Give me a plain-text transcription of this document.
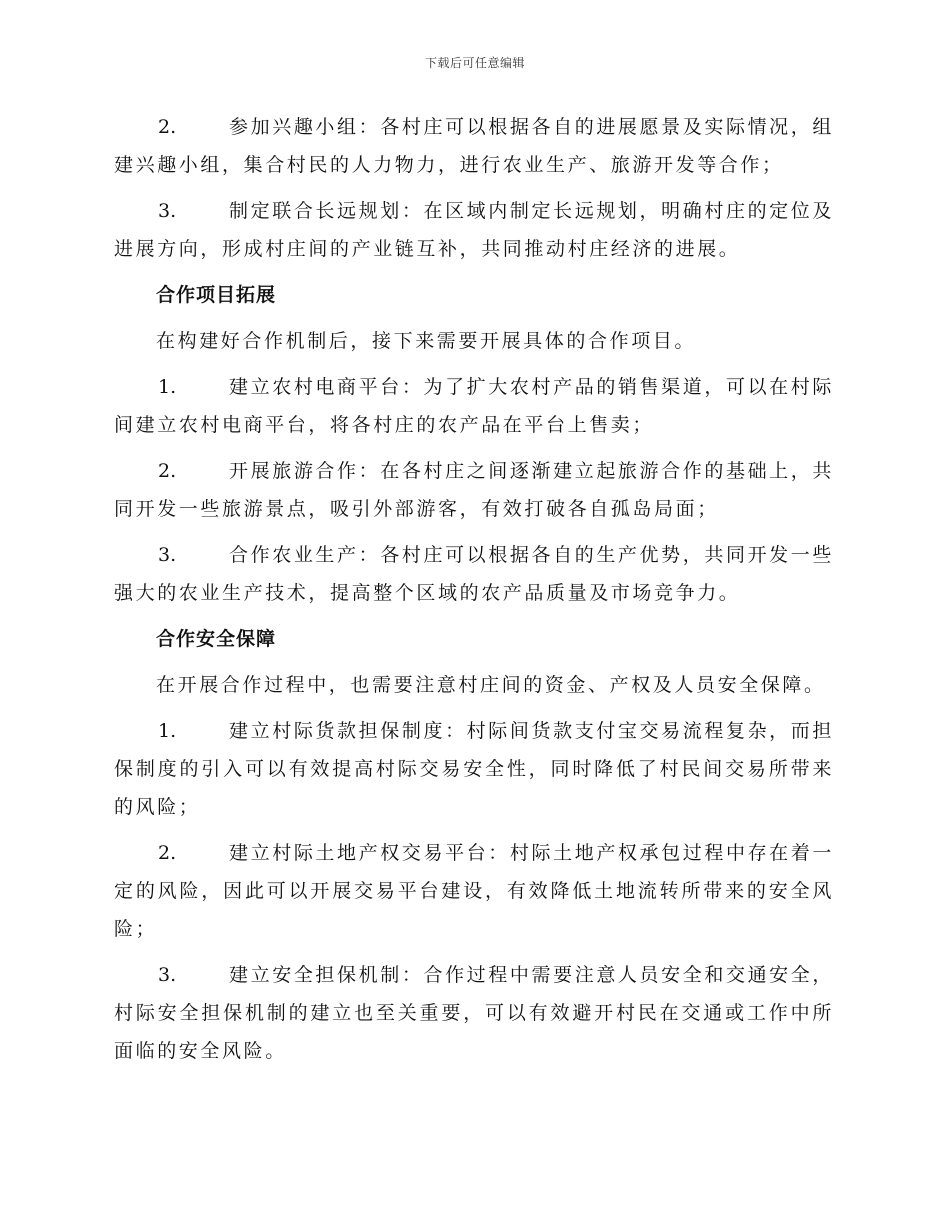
下载后可任意编辑

2.	参加兴趣小组：各村庄可以根据各自的进展愿景及实际情况，组建兴趣小组，集合村民的人力物力，进行农业生产、旅游开发等合作；

3.	制定联合长远规划：在区域内制定长远规划，明确村庄的定位及进展方向，形成村庄间的产业链互补，共同推动村庄经济的进展。

合作项目拓展

在构建好合作机制后，接下来需要开展具体的合作项目。

1.	建立农村电商平台：为了扩大农村产品的销售渠道，可以在村际间建立农村电商平台，将各村庄的农产品在平台上售卖；

2.	开展旅游合作：在各村庄之间逐渐建立起旅游合作的基础上，共同开发一些旅游景点，吸引外部游客，有效打破各自孤岛局面；

3.	合作农业生产：各村庄可以根据各自的生产优势，共同开发一些强大的农业生产技术，提高整个区域的农产品质量及市场竞争力。

合作安全保障

在开展合作过程中，也需要注意村庄间的资金、产权及人员安全保障。

1.	建立村际货款担保制度：村际间货款支付宝交易流程复杂，而担保制度的引入可以有效提高村际交易安全性，同时降低了村民间交易所带来的风险；

2.	建立村际土地产权交易平台：村际土地产权承包过程中存在着一定的风险，因此可以开展交易平台建设，有效降低土地流转所带来的安全风险；

3.	建立安全担保机制：合作过程中需要注意人员安全和交通安全，村际安全担保机制的建立也至关重要，可以有效避开村民在交通或工作中所面临的安全风险。
